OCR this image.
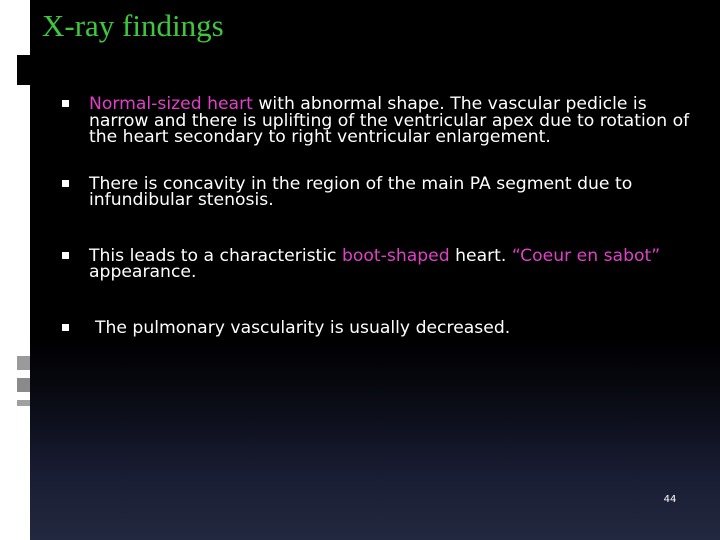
X-ray findings
Normal-sized heart with abnormal shape. The vascular pedicle is narrow and there is uplifting of the ventricular apex due to rotation of the heart secondary to right ventricular enlargement.
There is concavity in the region of the main PA segment due to infundibular stenosis.
This leads to a characteristic boot-shaped heart. “Coeur en sabot” appearance.
The pulmonary vascularity is usually decreased.
44
